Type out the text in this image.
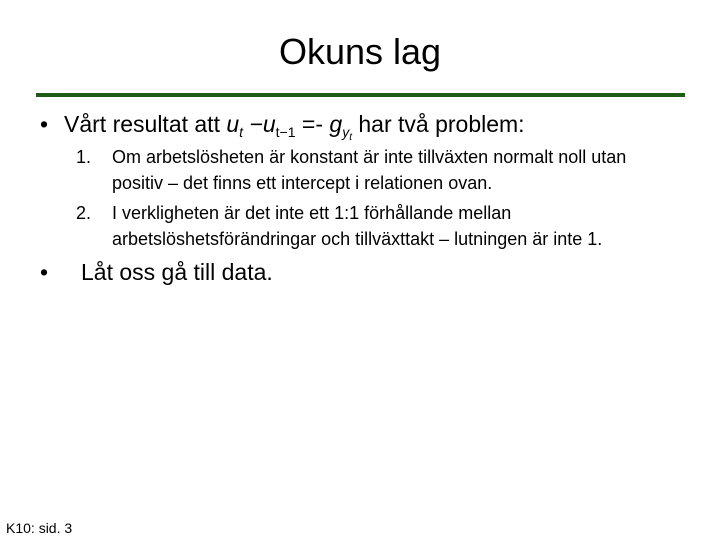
Okuns lag
• Vårt resultat att $u_t -u_{t-1} =- g_{y_t}$ har två problem:
1.	Om arbetslösheten är konstant är inte tillväxten normalt noll utan positiv – det finns ett intercept i relationen ovan.
2.	I verkligheten är det inte ett 1:1 förhållande mellan arbetslöshetsförändringar och tillväxttakt – lutningen är inte 1.
•	Låt oss gå till data.
K10: sid. 3
